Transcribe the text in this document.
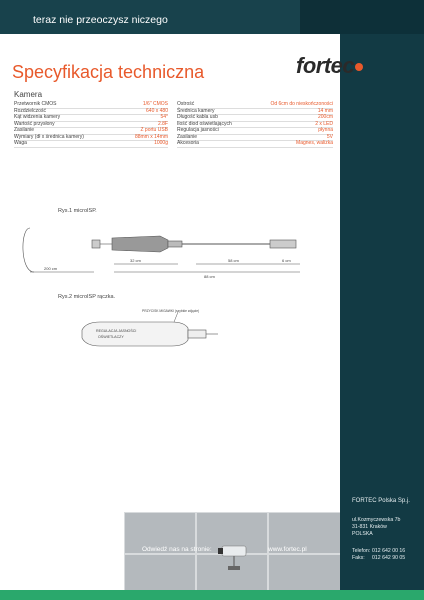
teraz nie przeoczysz niczego
FORTEC Polska Sp.j.
ul.Kozmyczewska 7b
31-831 Kraków
POLSKA
Telefon: 012 642 00 16
Faks:	012 642 90 05
Specyfikacja techniczna	fortec
Kamera
Przetwornik CMOS	1/6" CMOS
Rozdzielczość	640 x 480
Kąt widzenia kamery	54°
Wartość przysłony	2.8F
Zasilanie	Z portu USB
Wymiary (dł x średnica kamery)	88mm x 14mm
Waga	1000g
Ostrość	Od 6cm do nieskończoności
Średnica kamery	14 mm
Długość kabla usb	200cm
Ilość diod oświetlających	2 x LED
Regulacja jasności	płynna
Zasilanie	5V
Akcesoria	Magnes, walizka
Rys.1 microISP.
200 cm
32 cm	58 cm	6 cm
88 cm
Rys.2 microISP rączka.
PRZYCISK MIGAWKI (szybkie zdjęcie)
REGULACJA JASNOŚCI
OŚWIETLACZY
Odwiedź nas na stronie:	www.fortec.pl
